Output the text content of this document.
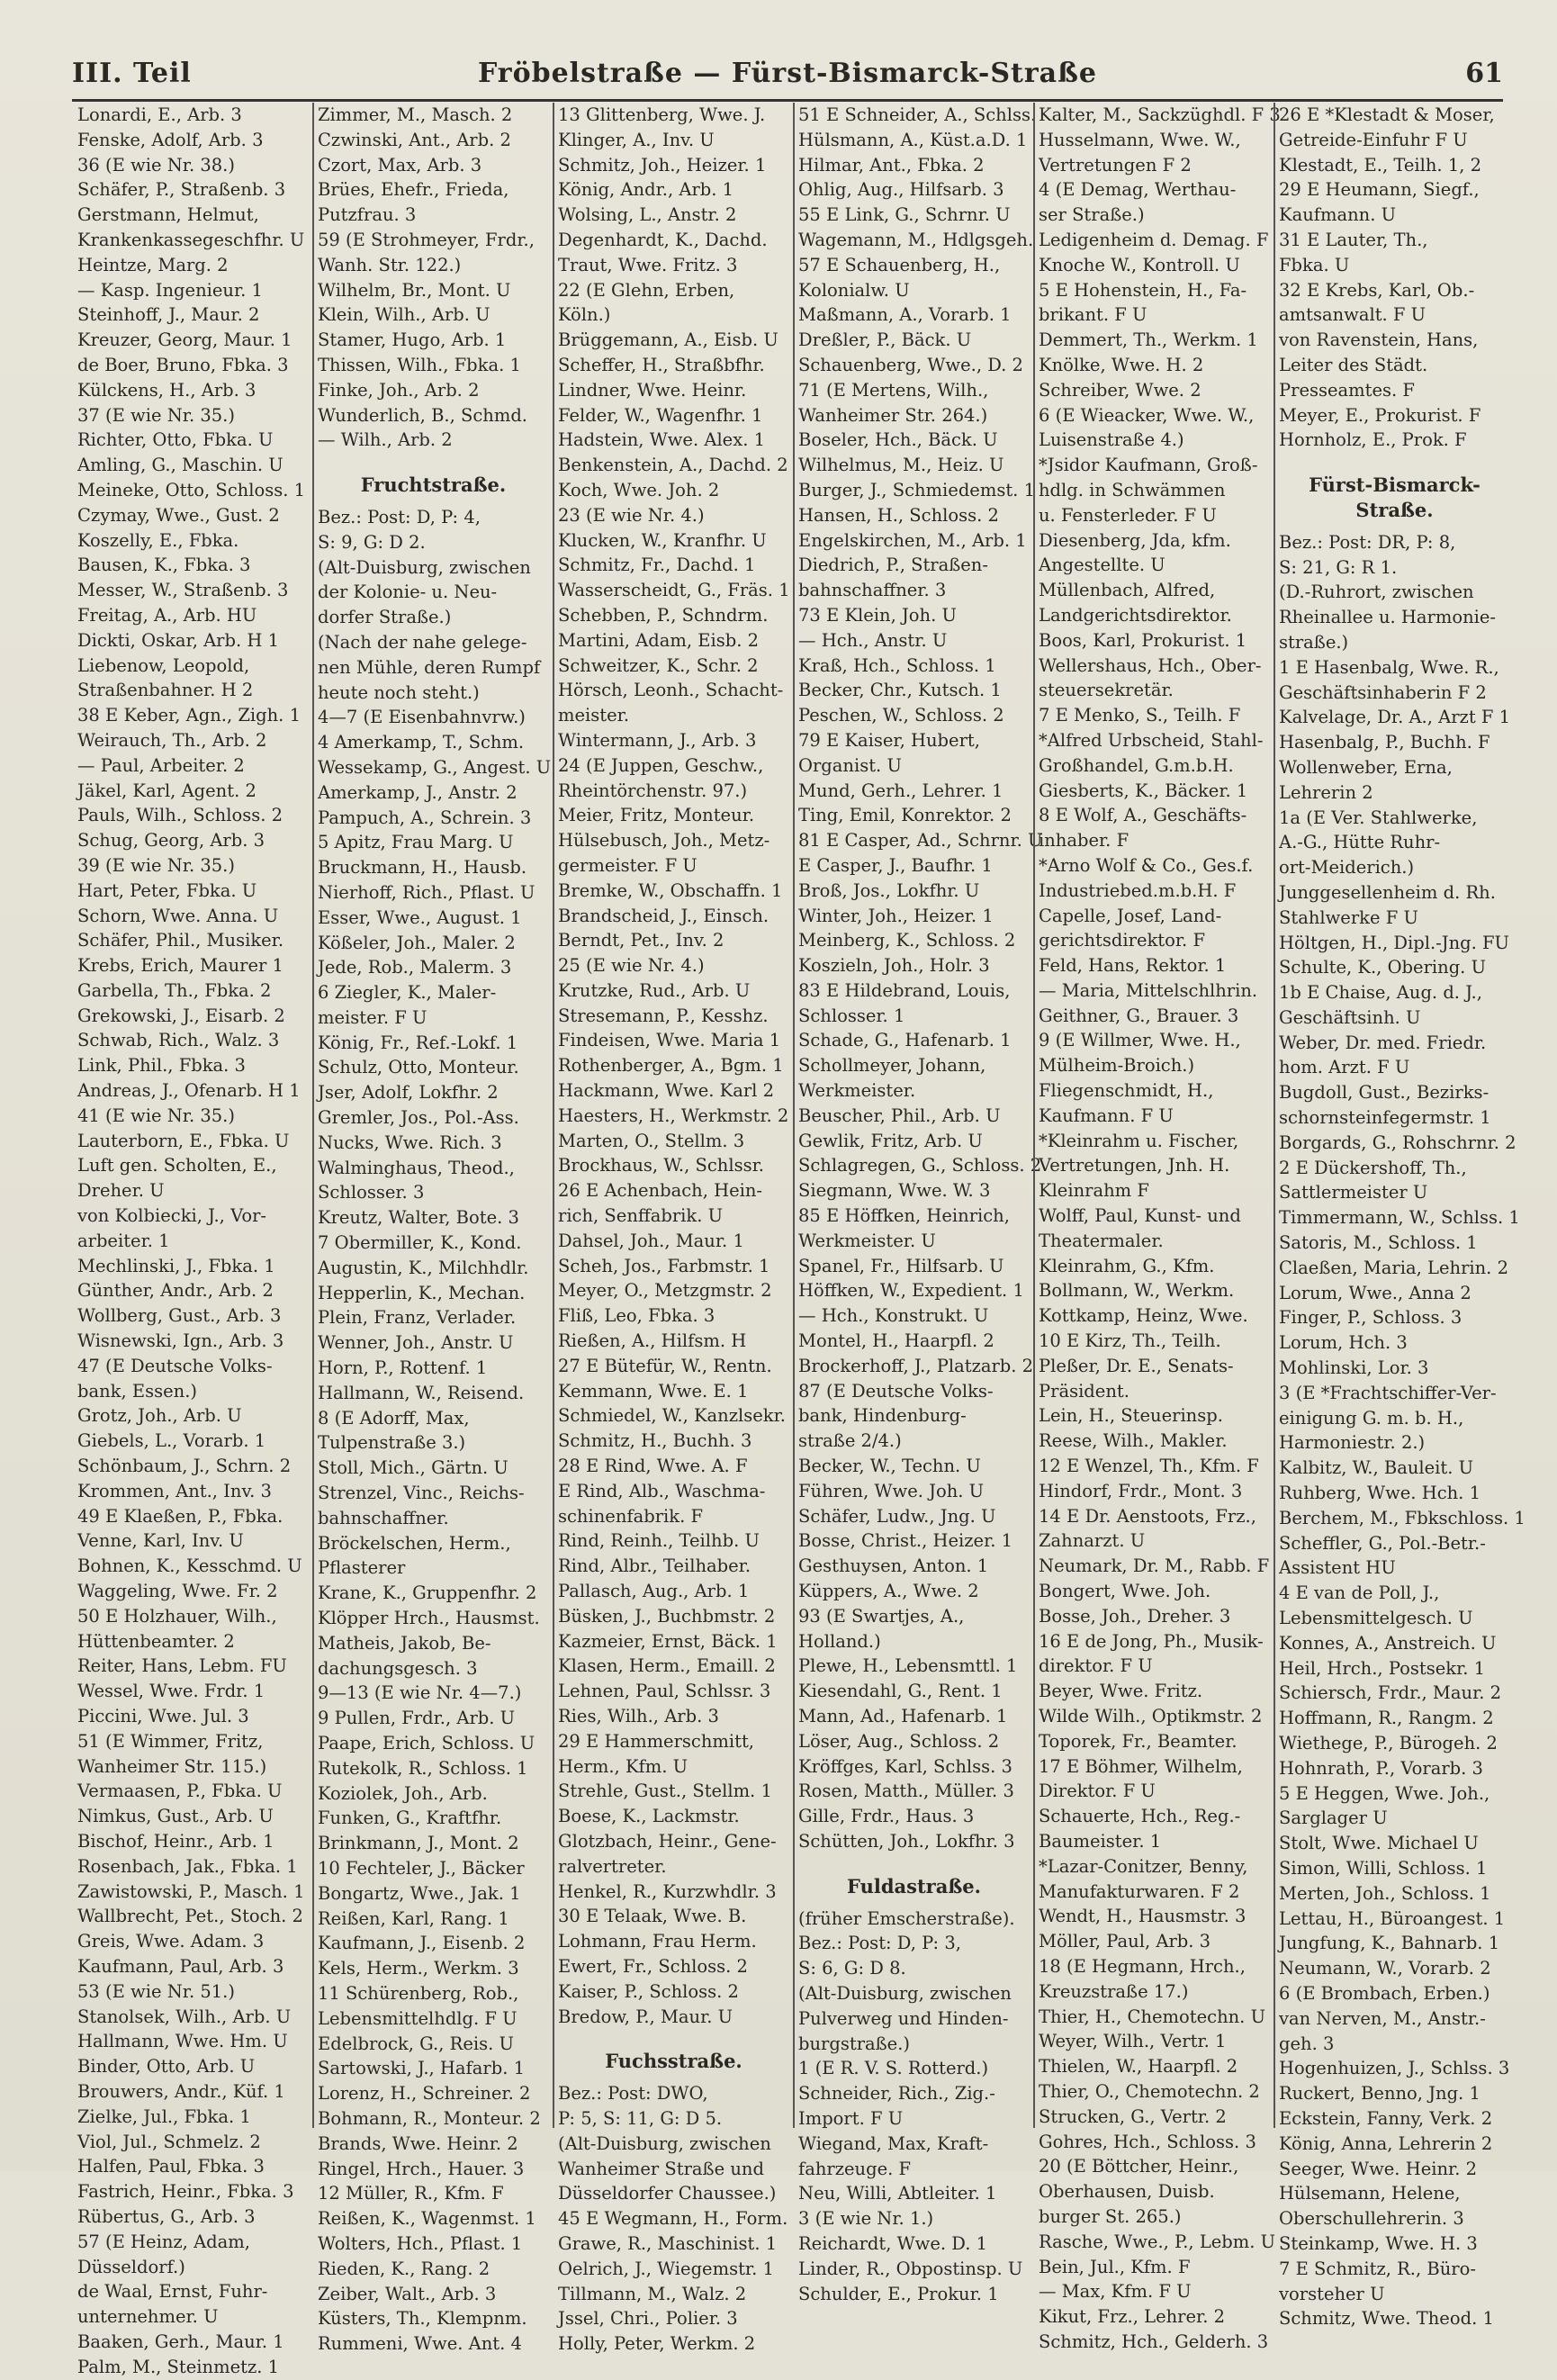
III. Teil	Fröbelstraße — Fürst-Bismarck-Straße	61
Lonardi, E., Arb. 3
Fenske, Adolf, Arb. 3
36 (E wie Nr. 38.)
Schäfer, P., Straßenb. 3
Gerstmann, Helmut,
Krankenkassegeschfhr. U
Heintze, Marg. 2
— Kasp. Ingenieur. 1
Steinhoff, J., Maur. 2
Kreuzer, Georg, Maur. 1
de Boer, Bruno, Fbka. 3
Külckens, H., Arb. 3
37 (E wie Nr. 35.)
Richter, Otto, Fbka. U
Amling, G., Maschin. U
Meineke, Otto, Schloss. 1
Czymay, Wwe., Gust. 2
Koszelly, E., Fbka.
Bausen, K., Fbka. 3
Messer, W., Straßenb. 3
Freitag, A., Arb. HU
Dickti, Oskar, Arb. H 1
Liebenow, Leopold,
Straßenbahner. H 2
38 E Keber, Agn., Zigh. 1
Weirauch, Th., Arb. 2
— Paul, Arbeiter. 2
Jäkel, Karl, Agent. 2
Pauls, Wilh., Schloss. 2
Schug, Georg, Arb. 3
39 (E wie Nr. 35.)
Hart, Peter, Fbka. U
Schorn, Wwe. Anna. U
Schäfer, Phil., Musiker.
Krebs, Erich, Maurer 1
Garbella, Th., Fbka. 2
Grekowski, J., Eisarb. 2
Schwab, Rich., Walz. 3
Link, Phil., Fbka. 3
Andreas, J., Ofenarb. H 1
41 (E wie Nr. 35.)
Lauterborn, E., Fbka. U
Luft gen. Scholten, E.,
Dreher. U
von Kolbiecki, J., Vor-
arbeiter. 1
Mechlinski, J., Fbka. 1
Günther, Andr., Arb. 2
Wollberg, Gust., Arb. 3
Wisnewski, Ign., Arb. 3
47 (E Deutsche Volks-
bank, Essen.)
Grotz, Joh., Arb. U
Giebels, L., Vorarb. 1
Schönbaum, J., Schrn. 2
Krommen, Ant., Inv. 3
49 E Klaeßen, P., Fbka.
Venne, Karl, Inv. U
Bohnen, K., Kesschmd. U
Waggeling, Wwe. Fr. 2
50 E Holzhauer, Wilh.,
Hüttenbeamter. 2
Reiter, Hans, Lebm. FU
Wessel, Wwe. Frdr. 1
Piccini, Wwe. Jul. 3
51 (E Wimmer, Fritz,
Wanheimer Str. 115.)
Vermaasen, P., Fbka. U
Nimkus, Gust., Arb. U
Bischof, Heinr., Arb. 1
Rosenbach, Jak., Fbka. 1
Zawistowski, P., Masch. 1
Wallbrecht, Pet., Stoch. 2
Greis, Wwe. Adam. 3
Kaufmann, Paul, Arb. 3
53 (E wie Nr. 51.)
Stanolsek, Wilh., Arb. U
Hallmann, Wwe. Hm. U
Binder, Otto, Arb. U
Brouwers, Andr., Küf. 1
Zielke, Jul., Fbka. 1
Viol, Jul., Schmelz. 2
Halfen, Paul, Fbka. 3
Fastrich, Heinr., Fbka. 3
Rübertus, G., Arb. 3
57 (E Heinz, Adam,
Düsseldorf.)
de Waal, Ernst, Fuhr-
unternehmer. U
Baaken, Gerh., Maur. 1
Palm, M., Steinmetz. 1
Zimmer, M., Masch. 2
Czwinski, Ant., Arb. 2
Czort, Max, Arb. 3
Brües, Ehefr., Frieda,
Putzfrau. 3
59 (E Strohmeyer, Frdr.,
Wanh. Str. 122.)
Wilhelm, Br., Mont. U
Klein, Wilh., Arb. U
Stamer, Hugo, Arb. 1
Thissen, Wilh., Fbka. 1
Finke, Joh., Arb. 2
Wunderlich, B., Schmd.
— Wilh., Arb. 2
Fruchtstraße.
Bez.: Post: D, P: 4,
S: 9, G: D 2.
(Alt-Duisburg, zwischen
der Kolonie- u. Neu-
dorfer Straße.)
(Nach der nahe gelege-
nen Mühle, deren Rumpf
heute noch steht.)
4—7 (E Eisenbahnvrw.)
4 Amerkamp, T., Schm.
Wessekamp, G., Angest. U
Amerkamp, J., Anstr. 2
Pampuch, A., Schrein. 3
5 Apitz, Frau Marg. U
Bruckmann, H., Hausb.
Nierhoff, Rich., Pflast. U
Esser, Wwe., August. 1
Kößeler, Joh., Maler. 2
Jede, Rob., Malerm. 3
6 Ziegler, K., Maler-
meister. F U
König, Fr., Ref.-Lokf. 1
Schulz, Otto, Monteur.
Jser, Adolf, Lokfhr. 2
Gremler, Jos., Pol.-Ass.
Nucks, Wwe. Rich. 3
Walminghaus, Theod.,
Schlosser. 3
Kreutz, Walter, Bote. 3
7 Obermiller, K., Kond.
Augustin, K., Milchhdlr.
Hepperlin, K., Mechan.
Plein, Franz, Verlader.
Wenner, Joh., Anstr. U
Horn, P., Rottenf. 1
Hallmann, W., Reisend.
8 (E Adorff, Max,
Tulpenstraße 3.)
Stoll, Mich., Gärtn. U
Strenzel, Vinc., Reichs-
bahnschaffner.
Bröckelschen, Herm.,
Pflasterer
Krane, K., Gruppenfhr. 2
Klöpper Hrch., Hausmst.
Matheis, Jakob, Be-
dachungsgesch. 3
9—13 (E wie Nr. 4—7.)
9 Pullen, Frdr., Arb. U
Paape, Erich, Schloss. U
Rutekolk, R., Schloss. 1
Koziolek, Joh., Arb.
Funken, G., Kraftfhr.
Brinkmann, J., Mont. 2
10 Fechteler, J., Bäcker
Bongartz, Wwe., Jak. 1
Reißen, Karl, Rang. 1
Kaufmann, J., Eisenb. 2
Kels, Herm., Werkm. 3
11 Schürenberg, Rob.,
Lebensmittelhdlg. F U
Edelbrock, G., Reis. U
Sartowski, J., Hafarb. 1
Lorenz, H., Schreiner. 2
Bohmann, R., Monteur. 2
Brands, Wwe. Heinr. 2
Ringel, Hrch., Hauer. 3
12 Müller, R., Kfm. F
Reißen, K., Wagenmst. 1
Wolters, Hch., Pflast. 1
Rieden, K., Rang. 2
Zeiber, Walt., Arb. 3
Küsters, Th., Klempnm.
Rummeni, Wwe. Ant. 4
13 Glittenberg, Wwe. J.
Klinger, A., Inv. U
Schmitz, Joh., Heizer. 1
König, Andr., Arb. 1
Wolsing, L., Anstr. 2
Degenhardt, K., Dachd.
Traut, Wwe. Fritz. 3
22 (E Glehn, Erben,
Köln.)
Brüggemann, A., Eisb. U
Scheffer, H., Straßbfhr.
Lindner, Wwe. Heinr.
Felder, W., Wagenfhr. 1
Hadstein, Wwe. Alex. 1
Benkenstein, A., Dachd. 2
Koch, Wwe. Joh. 2
23 (E wie Nr. 4.)
Klucken, W., Kranfhr. U
Schmitz, Fr., Dachd. 1
Wasserscheidt, G., Fräs. 1
Schebben, P., Schndrm.
Martini, Adam, Eisb. 2
Schweitzer, K., Schr. 2
Hörsch, Leonh., Schacht-
meister.
Wintermann, J., Arb. 3
24 (E Juppen, Geschw.,
Rheintörchenstr. 97.)
Meier, Fritz, Monteur.
Hülsebusch, Joh., Metz-
germeister. F U
Bremke, W., Obschaffn. 1
Brandscheid, J., Einsch.
Berndt, Pet., Inv. 2
25 (E wie Nr. 4.)
Krutzke, Rud., Arb. U
Stresemann, P., Kesshz.
Findeisen, Wwe. Maria 1
Rothenberger, A., Bgm. 1
Hackmann, Wwe. Karl 2
Haesters, H., Werkmstr. 2
Marten, O., Stellm. 3
Brockhaus, W., Schlssr.
26 E Achenbach, Hein-
rich, Senffabrik. U
Dahsel, Joh., Maur. 1
Scheh, Jos., Farbmstr. 1
Meyer, O., Metzgmstr. 2
Fliß, Leo, Fbka. 3
Rießen, A., Hilfsm. H
27 E Bütefür, W., Rentn.
Kemmann, Wwe. E. 1
Schmiedel, W., Kanzlsekr.
Schmitz, H., Buchh. 3
28 E Rind, Wwe. A. F
E Rind, Alb., Waschma-
schinenfabrik. F
Rind, Reinh., Teilhb. U
Rind, Albr., Teilhaber.
Pallasch, Aug., Arb. 1
Büsken, J., Buchbmstr. 2
Kazmeier, Ernst, Bäck. 1
Klasen, Herm., Emaill. 2
Lehnen, Paul, Schlssr. 3
Ries, Wilh., Arb. 3
29 E Hammerschmitt,
Herm., Kfm. U
Strehle, Gust., Stellm. 1
Boese, K., Lackmstr.
Glotzbach, Heinr., Gene-
ralvertreter.
Henkel, R., Kurzwhdlr. 3
30 E Telaak, Wwe. B.
Lohmann, Frau Herm.
Ewert, Fr., Schloss. 2
Kaiser, P., Schloss. 2
Bredow, P., Maur. U
Fuchsstraße.
Bez.: Post: DWO,
P: 5, S: 11, G: D 5.
(Alt-Duisburg, zwischen
Wanheimer Straße und
Düsseldorfer Chaussee.)
45 E Wegmann, H., Form.
Grawe, R., Maschinist. 1
Oelrich, J., Wiegemstr. 1
Tillmann, M., Walz. 2
Jssel, Chri., Polier. 3
Holly, Peter, Werkm. 2
51 E Schneider, A., Schlss.
Hülsmann, A., Küst.a.D. 1
Hilmar, Ant., Fbka. 2
Ohlig, Aug., Hilfsarb. 3
55 E Link, G., Schrnr. U
Wagemann, M., Hdlgsgeh.
57 E Schauenberg, H.,
Kolonialw. U
Maßmann, A., Vorarb. 1
Dreßler, P., Bäck. U
Schauenberg, Wwe., D. 2
71 (E Mertens, Wilh.,
Wanheimer Str. 264.)
Boseler, Hch., Bäck. U
Wilhelmus, M., Heiz. U
Burger, J., Schmiedemst. 1
Hansen, H., Schloss. 2
Engelskirchen, M., Arb. 1
Diedrich, P., Straßen-
bahnschaffner. 3
73 E Klein, Joh. U
— Hch., Anstr. U
Kraß, Hch., Schloss. 1
Becker, Chr., Kutsch. 1
Peschen, W., Schloss. 2
79 E Kaiser, Hubert,
Organist. U
Mund, Gerh., Lehrer. 1
Ting, Emil, Konrektor. 2
81 E Casper, Ad., Schrnr. U
E Casper, J., Baufhr. 1
Broß, Jos., Lokfhr. U
Winter, Joh., Heizer. 1
Meinberg, K., Schloss. 2
Koszieln, Joh., Holr. 3
83 E Hildebrand, Louis,
Schlosser. 1
Schade, G., Hafenarb. 1
Schollmeyer, Johann,
Werkmeister.
Beuscher, Phil., Arb. U
Gewlik, Fritz, Arb. U
Schlagregen, G., Schloss. 2
Siegmann, Wwe. W. 3
85 E Höffken, Heinrich,
Werkmeister. U
Spanel, Fr., Hilfsarb. U
Höffken, W., Expedient. 1
— Hch., Konstrukt. U
Montel, H., Haarpfl. 2
Brockerhoff, J., Platzarb. 2
87 (E Deutsche Volks-
bank, Hindenburg-
straße 2/4.)
Becker, W., Techn. U
Führen, Wwe. Joh. U
Schäfer, Ludw., Jng. U
Bosse, Christ., Heizer. 1
Gesthuysen, Anton. 1
Küppers, A., Wwe. 2
93 (E Swartjes, A.,
Holland.)
Plewe, H., Lebensmttl. 1
Kiesendahl, G., Rent. 1
Mann, Ad., Hafenarb. 1
Löser, Aug., Schloss. 2
Kröffges, Karl, Schlss. 3
Rosen, Matth., Müller. 3
Gille, Frdr., Haus. 3
Schütten, Joh., Lokfhr. 3
Fuldastraße.
(früher Emscherstraße).
Bez.: Post: D, P: 3,
S: 6, G: D 8.
(Alt-Duisburg, zwischen
Pulverweg und Hinden-
burgstraße.)
1 (E R. V. S. Rotterd.)
Schneider, Rich., Zig.-
Import. F U
Wiegand, Max, Kraft-
fahrzeuge. F
Neu, Willi, Abtleiter. 1
3 (E wie Nr. 1.)
Reichardt, Wwe. D. 1
Linder, R., Obpostinsp. U
Schulder, E., Prokur. 1
Kalter, M., Sackzüghdl. F 3
Husselmann, Wwe. W.,
Vertretungen F 2
4 (E Demag, Werthau-
ser Straße.)
Ledigenheim d. Demag. F
Knoche W., Kontroll. U
5 E Hohenstein, H., Fa-
brikant. F U
Demmert, Th., Werkm. 1
Knölke, Wwe. H. 2
Schreiber, Wwe. 2
6 (E Wieacker, Wwe. W.,
Luisenstraße 4.)
*Jsidor Kaufmann, Groß-
hdlg. in Schwämmen
u. Fensterleder. F U
Diesenberg, Jda, kfm.
Angestellte. U
Müllenbach, Alfred,
Landgerichtsdirektor.
Boos, Karl, Prokurist. 1
Wellershaus, Hch., Ober-
steuersekretär.
7 E Menko, S., Teilh. F
*Alfred Urbscheid, Stahl-
Großhandel, G.m.b.H.
Giesberts, K., Bäcker. 1
8 E Wolf, A., Geschäfts-
inhaber. F
*Arno Wolf & Co., Ges.f.
Industriebed.m.b.H. F
Capelle, Josef, Land-
gerichtsdirektor. F
Feld, Hans, Rektor. 1
— Maria, Mittelschlhrin.
Geithner, G., Brauer. 3
9 (E Willmer, Wwe. H.,
Mülheim-Broich.)
Fliegenschmidt, H.,
Kaufmann. F U
*Kleinrahm u. Fischer,
Vertretungen, Jnh. H.
Kleinrahm F
Wolff, Paul, Kunst- und
Theatermaler.
Kleinrahm, G., Kfm.
Bollmann, W., Werkm.
Kottkamp, Heinz, Wwe.
10 E Kirz, Th., Teilh.
Pleßer, Dr. E., Senats-
Präsident.
Lein, H., Steuerinsp.
Reese, Wilh., Makler.
12 E Wenzel, Th., Kfm. F
Hindorf, Frdr., Mont. 3
14 E Dr. Aenstoots, Frz.,
Zahnarzt. U
Neumark, Dr. M., Rabb. F
Bongert, Wwe. Joh.
Bosse, Joh., Dreher. 3
16 E de Jong, Ph., Musik-
direktor. F U
Beyer, Wwe. Fritz.
Wilde Wilh., Optikmstr. 2
Toporek, Fr., Beamter.
17 E Böhmer, Wilhelm,
Direktor. F U
Schauerte, Hch., Reg.-
Baumeister. 1
*Lazar-Conitzer, Benny,
Manufakturwaren. F 2
Wendt, H., Hausmstr. 3
Möller, Paul, Arb. 3
18 (E Hegmann, Hrch.,
Kreuzstraße 17.)
Thier, H., Chemotechn. U
Weyer, Wilh., Vertr. 1
Thielen, W., Haarpfl. 2
Thier, O., Chemotechn. 2
Strucken, G., Vertr. 2
Gohres, Hch., Schloss. 3
20 (E Böttcher, Heinr.,
Oberhausen, Duisb.
burger St. 265.)
Rasche, Wwe., P., Lebm. U
Bein, Jul., Kfm. F
— Max, Kfm. F U
Kikut, Frz., Lehrer. 2
Schmitz, Hch., Gelderh. 3
26 E *Klestadt & Moser,
Getreide-Einfuhr F U
Klestadt, E., Teilh. 1, 2
29 E Heumann, Siegf.,
Kaufmann. U
31 E Lauter, Th.,
Fbka. U
32 E Krebs, Karl, Ob.-
amtsanwalt. F U
von Ravenstein, Hans,
Leiter des Städt.
Presseamtes. F
Meyer, E., Prokurist. F
Hornholz, E., Prok. F
Fürst-Bismarck-Straße.
Bez.: Post: DR, P: 8,
S: 21, G: R 1.
(D.-Ruhrort, zwischen
Rheinallee u. Harmonie-
straße.)
1 E Hasenbalg, Wwe. R.,
Geschäftsinhaberin F 2
Kalvelage, Dr. A., Arzt F 1
Hasenbalg, P., Buchh. F
Wollenweber, Erna,
Lehrerin 2
1a (E Ver. Stahlwerke,
A.-G., Hütte Ruhr-
ort-Meiderich.)
Junggesellenheim d. Rh.
Stahlwerke F U
Höltgen, H., Dipl.-Jng. FU
Schulte, K., Obering. U
1b E Chaise, Aug. d. J.,
Geschäftsinh. U
Weber, Dr. med. Friedr.
hom. Arzt. F U
Bugdoll, Gust., Bezirks-
schornsteinfegermstr. 1
Borgards, G., Rohschrnr. 2
2 E Dückershoff, Th.,
Sattlermeister U
Timmermann, W., Schlss. 1
Satoris, M., Schloss. 1
Claeßen, Maria, Lehrin. 2
Lorum, Wwe., Anna 2
Finger, P., Schloss. 3
Lorum, Hch. 3
Mohlinski, Lor. 3
3 (E *Frachtschiffer-Ver-
einigung G. m. b. H.,
Harmoniestr. 2.)
Kalbitz, W., Bauleit. U
Ruhberg, Wwe. Hch. 1
Berchem, M., Fbkschloss. 1
Scheffler, G., Pol.-Betr.-
Assistent HU
4 E van de Poll, J.,
Lebensmittelgesch. U
Konnes, A., Anstreich. U
Heil, Hrch., Postsekr. 1
Schiersch, Frdr., Maur. 2
Hoffmann, R., Rangm. 2
Wiethege, P., Bürogeh. 2
Hohnrath, P., Vorarb. 3
5 E Heggen, Wwe. Joh.,
Sarglager U
Stolt, Wwe. Michael U
Simon, Willi, Schloss. 1
Merten, Joh., Schloss. 1
Lettau, H., Büroangest. 1
Jungfung, K., Bahnarb. 1
Neumann, W., Vorarb. 2
6 (E Brombach, Erben.)
van Nerven, M., Anstr.-
geh. 3
Hogenhuizen, J., Schlss. 3
Ruckert, Benno, Jng. 1
Eckstein, Fanny, Verk. 2
König, Anna, Lehrerin 2
Seeger, Wwe. Heinr. 2
Hülsemann, Helene,
Oberschullehrerin. 3
Steinkamp, Wwe. H. 3
7 E Schmitz, R., Büro-
vorsteher U
Schmitz, Wwe. Theod. 1
